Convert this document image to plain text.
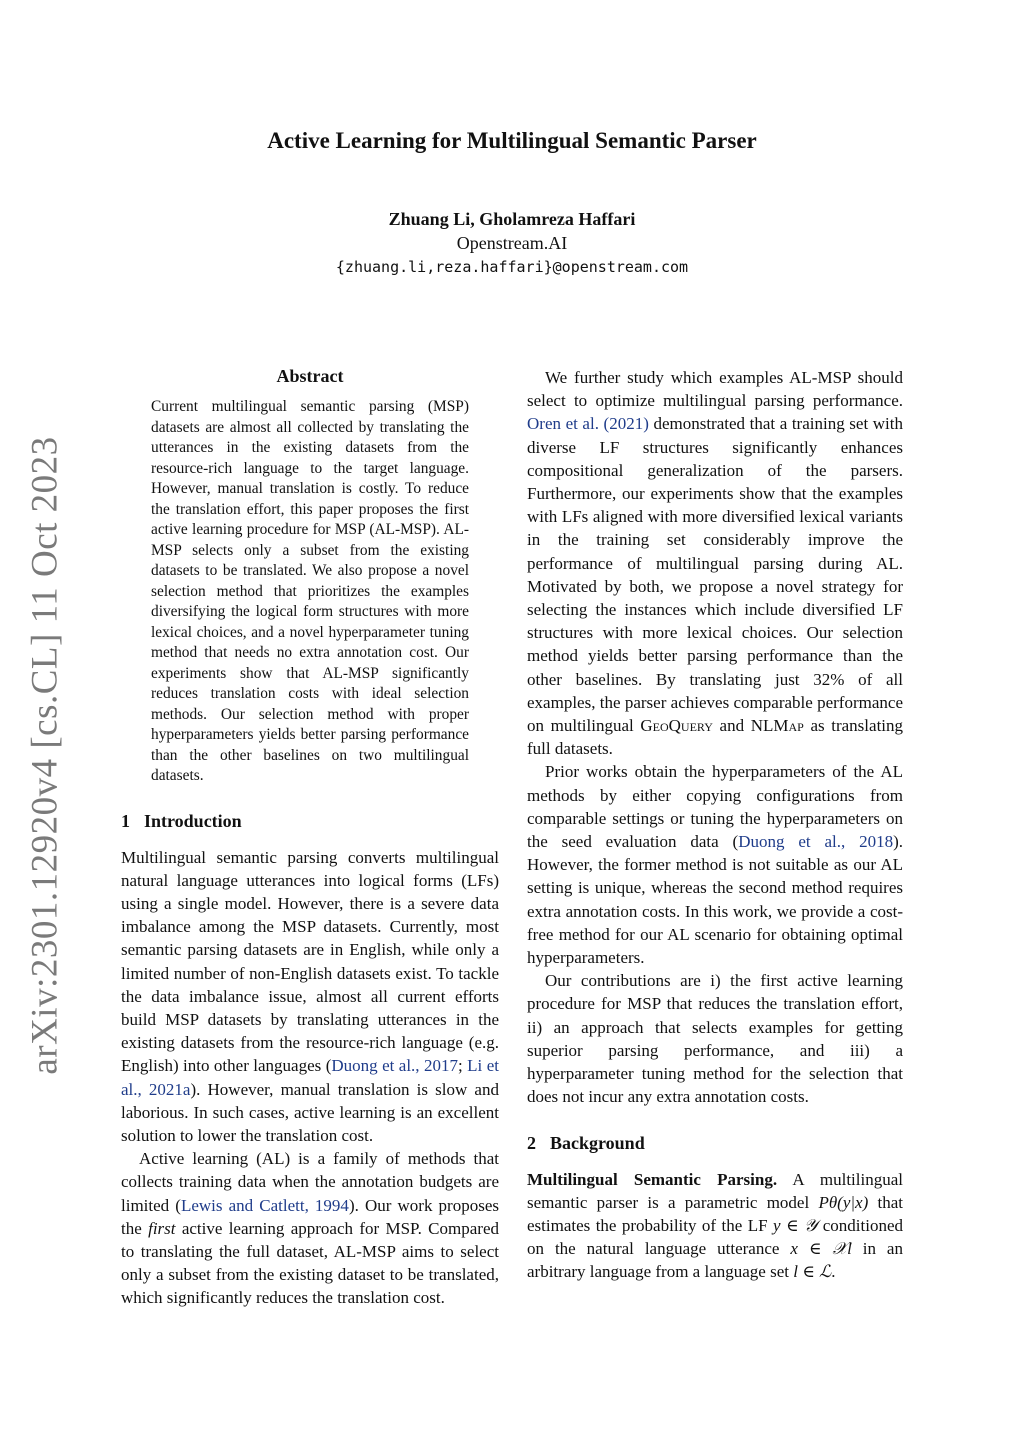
arXiv:2301.12920v4 [cs.CL] 11 Oct 2023
Active Learning for Multilingual Semantic Parser
Zhuang Li, Gholamreza Haffari
Openstream.AI
{zhuang.li,reza.haffari}@openstream.com
Abstract

Current multilingual semantic parsing (MSP) datasets are almost all collected by translating the utterances in the existing datasets from the resource-rich language to the target language. However, manual translation is costly. To reduce the translation effort, this paper proposes the first active learning procedure for MSP (AL-MSP). AL-MSP selects only a subset from the existing datasets to be translated. We also propose a novel selection method that prioritizes the examples diversifying the logical form structures with more lexical choices, and a novel hyperparameter tuning method that needs no extra annotation cost. Our experiments show that AL-MSP significantly reduces translation costs with ideal selection methods. Our selection method with proper hyperparameters yields better parsing performance than the other baselines on two multilingual datasets.

1 Introduction

Multilingual semantic parsing converts multilingual natural language utterances into logical forms (LFs) using a single model. However, there is a severe data imbalance among the MSP datasets. Currently, most semantic parsing datasets are in English, while only a limited number of non-English datasets exist. To tackle the data imbalance issue, almost all current efforts build MSP datasets by translating utterances in the existing datasets from the resource-rich language (e.g. English) into other languages (Duong et al., 2017; Li et al., 2021a). However, manual translation is slow and laborious. In such cases, active learning is an excellent solution to lower the translation cost.

Active learning (AL) is a family of methods that collects training data when the annotation budgets are limited (Lewis and Catlett, 1994). Our work proposes the first active learning approach for MSP. Compared to translating the full dataset, AL-MSP aims to select only a subset from the existing dataset to be translated, which significantly reduces the translation cost.

We further study which examples AL-MSP should select to optimize multilingual parsing performance. Oren et al. (2021) demonstrated that a training set with diverse LF structures significantly enhances compositional generalization of the parsers. Furthermore, our experiments show that the examples with LFs aligned with more diversified lexical variants in the training set considerably improve the performance of multilingual parsing during AL. Motivated by both, we propose a novel strategy for selecting the instances which include diversified LF structures with more lexical choices. Our selection method yields better parsing performance than the other baselines. By translating just 32% of all examples, the parser achieves comparable performance on multilingual GeoQuery and NLMap as translating full datasets.

Prior works obtain the hyperparameters of the AL methods by either copying configurations from comparable settings or tuning the hyperparameters on the seed evaluation data (Duong et al., 2018). However, the former method is not suitable as our AL setting is unique, whereas the second method requires extra annotation costs. In this work, we provide a cost-free method for our AL scenario for obtaining optimal hyperparameters.

Our contributions are i) the first active learning procedure for MSP that reduces the translation effort, ii) an approach that selects examples for getting superior parsing performance, and iii) a hyperparameter tuning method for the selection that does not incur any extra annotation costs.

2 Background

Multilingual Semantic Parsing. A multilingual semantic parser is a parametric model Pθ(y|x) that estimates the probability of the LF y ∈ 𝒴 conditioned on the natural language utterance x ∈ 𝒳l in an arbitrary language from a language set l ∈ ℒ.
